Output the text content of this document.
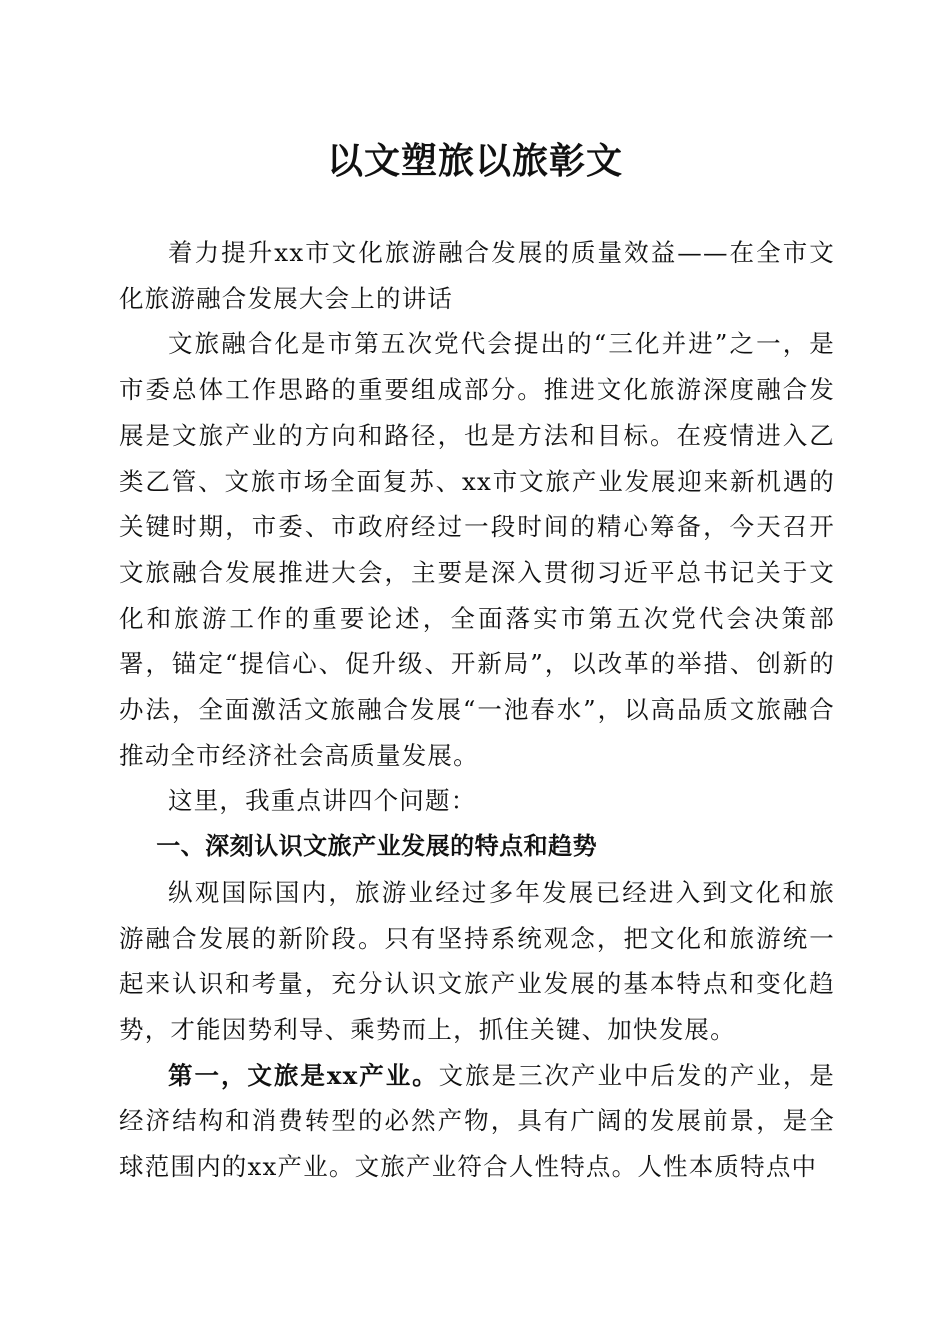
以文塑旅以旅彰文

着力提升xx市文化旅游融合发展的质量效益——在全市文化旅游融合发展大会上的讲话

文旅融合化是市第五次党代会提出的“三化并进”之一，是市委总体工作思路的重要组成部分。推进文化旅游深度融合发展是文旅产业的方向和路径，也是方法和目标。在疫情进入乙类乙管、文旅市场全面复苏、xx市文旅产业发展迎来新机遇的关键时期，市委、市政府经过一段时间的精心筹备，今天召开文旅融合发展推进大会，主要是深入贯彻习近平总书记关于文化和旅游工作的重要论述，全面落实市第五次党代会决策部署，锚定“提信心、促升级、开新局”，以改革的举措、创新的办法，全面激活文旅融合发展“一池春水”，以高品质文旅融合推动全市经济社会高质量发展。

这里，我重点讲四个问题：

一、深刻认识文旅产业发展的特点和趋势

纵观国际国内，旅游业经过多年发展已经进入到文化和旅游融合发展的新阶段。只有坚持系统观念，把文化和旅游统一起来认识和考量，充分认识文旅产业发展的基本特点和变化趋势，才能因势利导、乘势而上，抓住关键、加快发展。

第一，文旅是xx产业。文旅是三次产业中后发的产业，是经济结构和消费转型的必然产物，具有广阔的发展前景，是全球范围内的xx产业。文旅产业符合人性特点。人性本质特点中
